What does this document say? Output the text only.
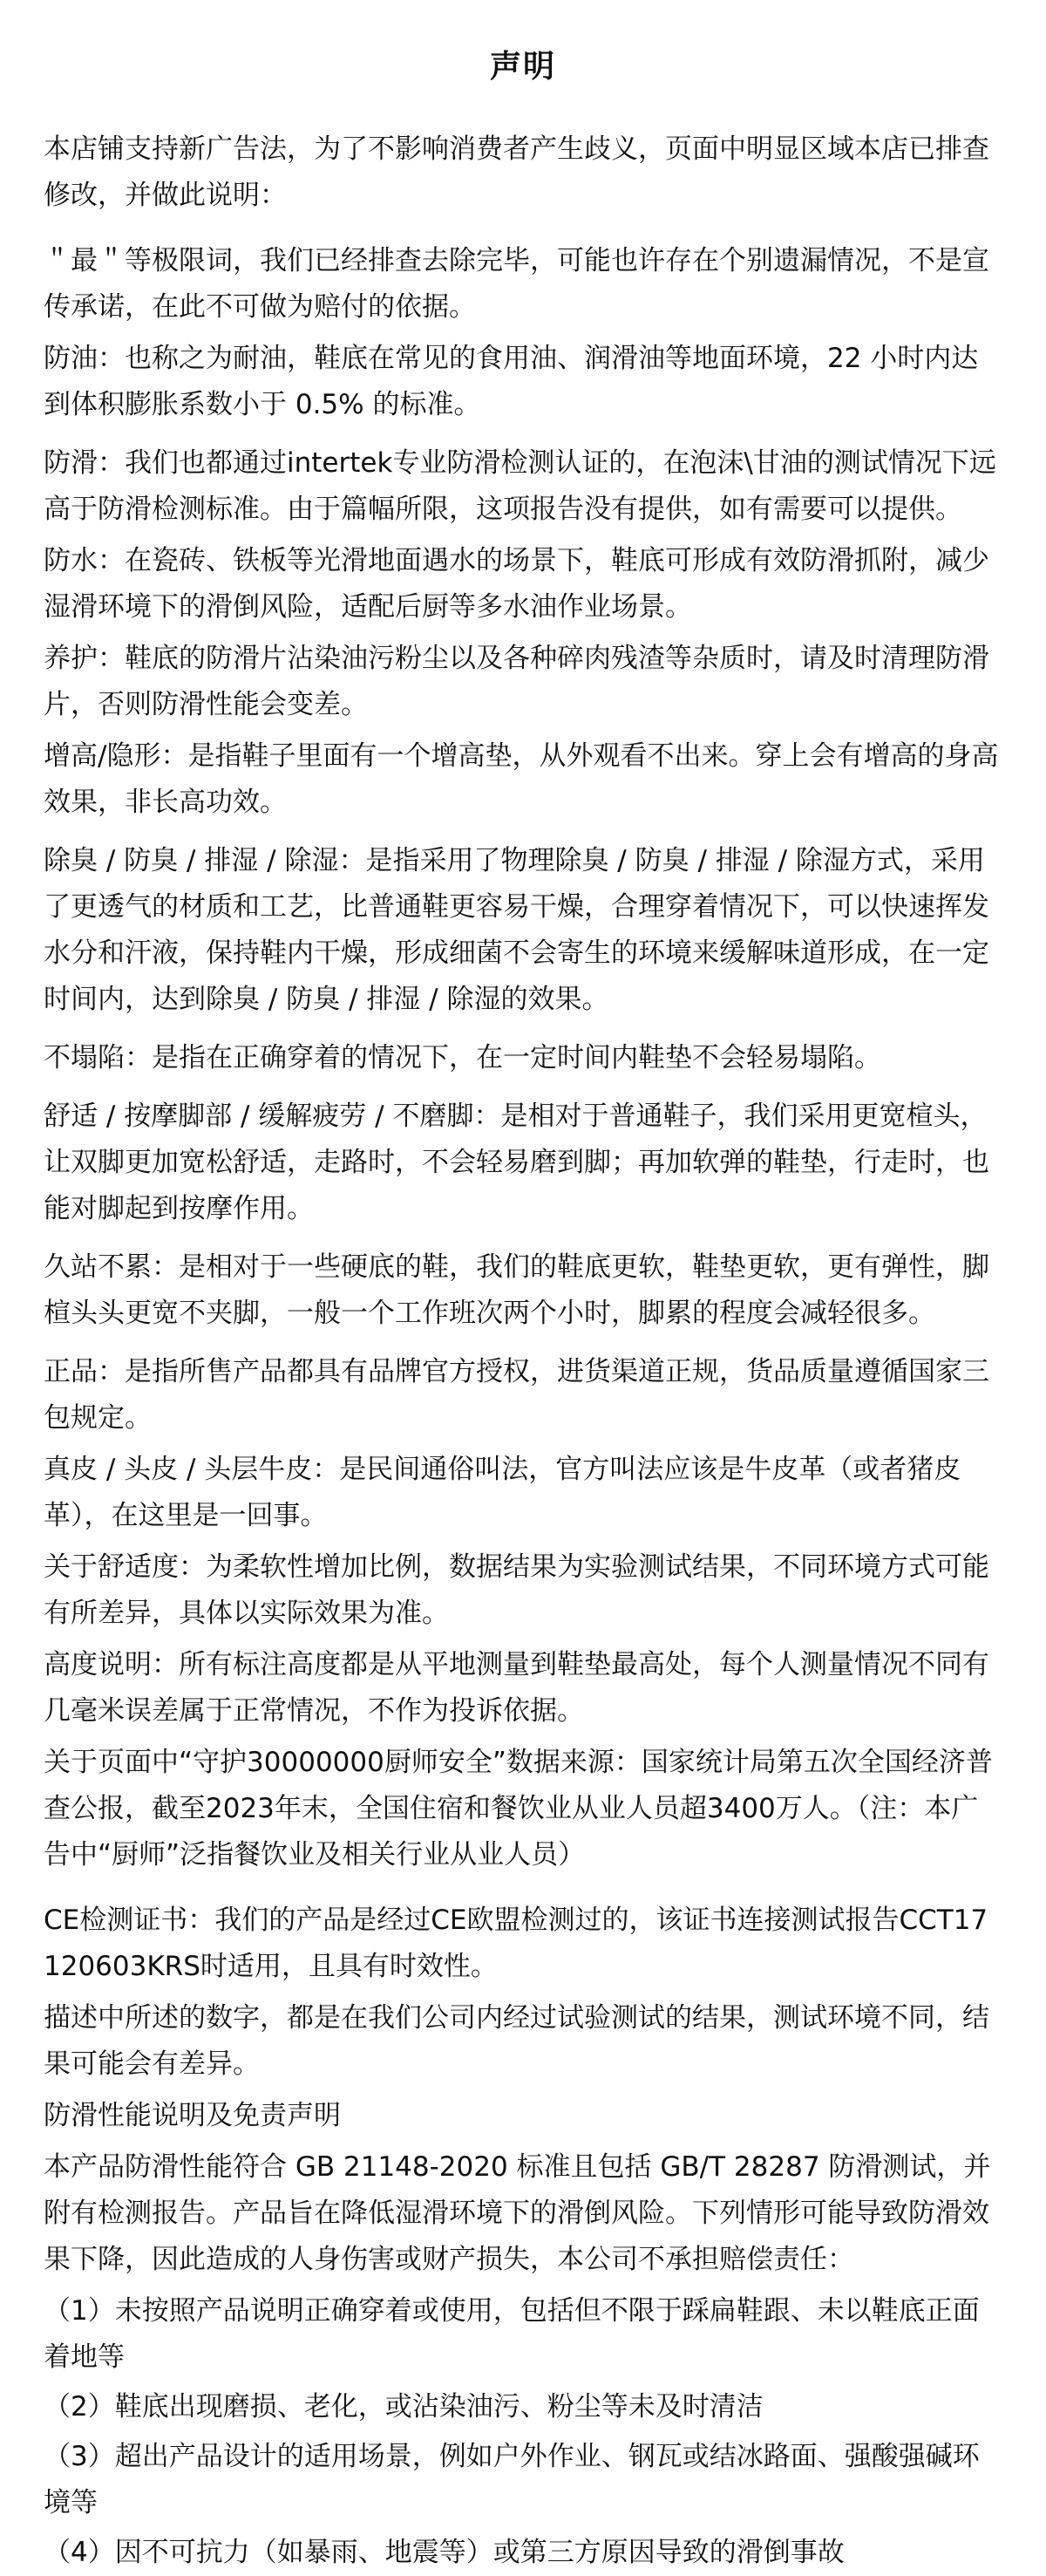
声明

本店铺支持新广告法，为了不影响消费者产生歧义，页面中明显区域本店已排查修改，并做此说明：

＂最＂等极限词，我们已经排查去除完毕，可能也许存在个别遗漏情况，不是宣传承诺，在此不可做为赔付的依据。

防油：也称之为耐油，鞋底在常见的食用油、润滑油等地面环境，22 小时内达到体积膨胀系数小于 0.5% 的标准。

防滑：我们也都通过intertek专业防滑检测认证的，在泡沫\甘油的测试情况下远高于防滑检测标准。由于篇幅所限，这项报告没有提供，如有需要可以提供。

防水：在瓷砖、铁板等光滑地面遇水的场景下，鞋底可形成有效防滑抓附，减少湿滑环境下的滑倒风险，适配后厨等多水油作业场景。

养护：鞋底的防滑片沾染油污粉尘以及各种碎肉残渣等杂质时，请及时清理防滑片，否则防滑性能会变差。

增高/隐形：是指鞋子里面有一个增高垫，从外观看不出来。穿上会有增高的身高效果，非长高功效。

除臭 / 防臭 / 排湿 / 除湿：是指采用了物理除臭 / 防臭 / 排湿 / 除湿方式，采用了更透气的材质和工艺，比普通鞋更容易干燥，合理穿着情况下，可以快速挥发水分和汗液，保持鞋内干燥，形成细菌不会寄生的环境来缓解味道形成，在一定时间内，达到除臭 / 防臭 / 排湿 / 除湿的效果。

不塌陷：是指在正确穿着的情况下，在一定时间内鞋垫不会轻易塌陷。

舒适 / 按摩脚部 / 缓解疲劳 / 不磨脚：是相对于普通鞋子，我们采用更宽楦头，让双脚更加宽松舒适，走路时，不会轻易磨到脚；再加软弹的鞋垫，行走时，也能对脚起到按摩作用。

久站不累：是相对于一些硬底的鞋，我们的鞋底更软，鞋垫更软，更有弹性，脚楦头头更宽不夹脚，一般一个工作班次两个小时，脚累的程度会减轻很多。

正品：是指所售产品都具有品牌官方授权，进货渠道正规，货品质量遵循国家三包规定。

真皮 / 头皮 / 头层牛皮：是民间通俗叫法，官方叫法应该是牛皮革（或者猪皮革），在这里是一回事。

关于舒适度：为柔软性增加比例，数据结果为实验测试结果，不同环境方式可能有所差异，具体以实际效果为准。

高度说明：所有标注高度都是从平地测量到鞋垫最高处，每个人测量情况不同有几毫米误差属于正常情况，不作为投诉依据。

关于页面中“守护30000000厨师安全”数据来源：国家统计局第五次全国经济普查公报，截至2023年末，全国住宿和餐饮业从业人员超3400万人。（注：本广告中“厨师”泛指餐饮业及相关行业从业人员）

CE检测证书：我们的产品是经过CE欧盟检测过的，该证书连接测试报告CCT17120603KRS时适用，且具有时效性。

描述中所述的数字，都是在我们公司内经过试验测试的结果，测试环境不同，结果可能会有差异。

防滑性能说明及免责声明

本产品防滑性能符合 GB 21148-2020 标准且包括 GB/T 28287 防滑测试，并附有检测报告。产品旨在降低湿滑环境下的滑倒风险。下列情形可能导致防滑效果下降，因此造成的人身伤害或财产损失，本公司不承担赔偿责任：

（1）未按照产品说明正确穿着或使用，包括但不限于踩扁鞋跟、未以鞋底正面着地等

（2）鞋底出现磨损、老化，或沾染油污、粉尘等未及时清洁

（3）超出产品设计的适用场景，例如户外作业、钢瓦或结冰路面、强酸强碱环境等

（4）因不可抗力（如暴雨、地震等）或第三方原因导致的滑倒事故
